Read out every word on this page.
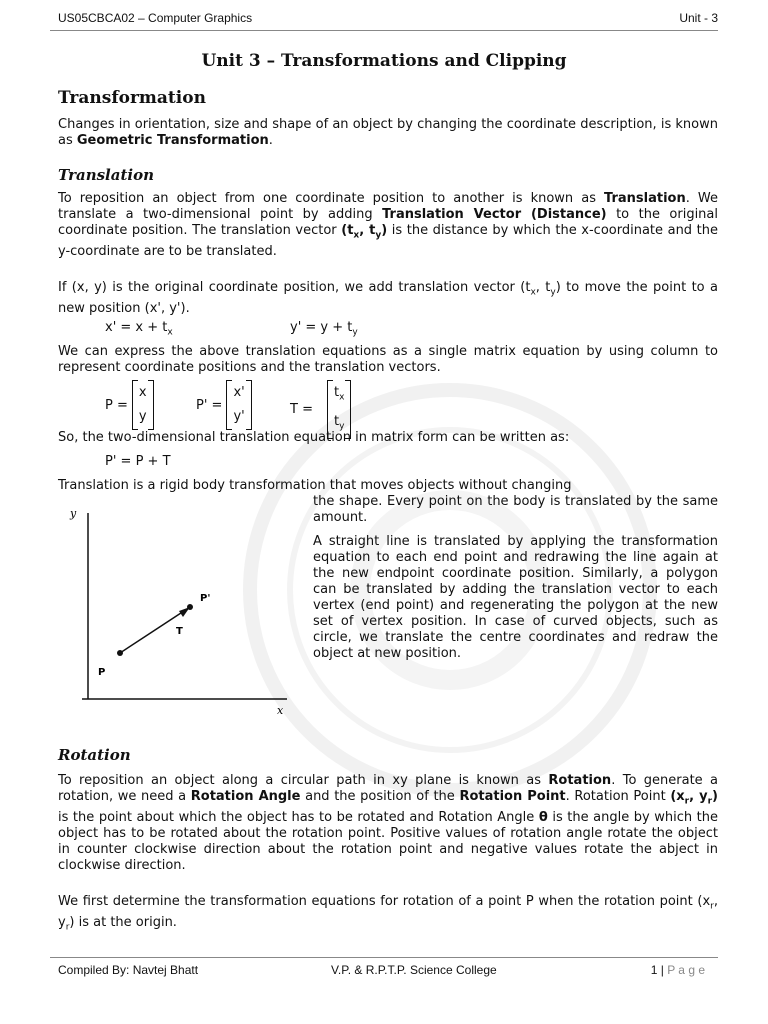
US05CBCA02 – Computer Graphics	Unit - 3
Unit 3 – Transformations and Clipping
Transformation
Changes in orientation, size and shape of an object by changing the coordinate description, is known as Geometric Transformation.
Translation
To reposition an object from one coordinate position to another is known as Translation. We translate a two-dimensional point by adding Translation Vector (Distance) to the original coordinate position. The translation vector ($t_x$, $t_y$) is the distance by which the x-coordinate and the y-coordinate are to be translated.
If (x, y) is the original coordinate position, we add translation vector ($t_x$, $t_y$) to move the point to a new position (x', y').
$x' = x + t_x$	$y' = y + t_y$
We can express the above translation equations as a single matrix equation by using column to represent coordinate positions and the translation vectors.
P =
x
y
P' =
x'
y'	T =
$t_x$
$t_y$
So, the two-dimensional translation equation in matrix form can be written as:
P' = P + T
Translation is a rigid body transformation that moves objects without changing
the shape. Every point on the body is translated by the same amount.
A straight line is translated by applying the transformation equation to each end point and redrawing the line again at the new endpoint coordinate position. Similarly, a polygon can be translated by adding the translation vector to each vertex (end point) and regenerating the polygon at the new set of vertex position. In case of curved objects, such as circle, we translate the centre coordinates and redraw the object at new position.
y
x
P
P'
T
Rotation
To reposition an object along a circular path in xy plane is known as Rotation. To generate a rotation, we need a Rotation Angle and the position of the Rotation Point. Rotation Point ($x_r$, $y_r$) is the point about which the object has to be rotated and Rotation Angle θ is the angle by which the object has to be rotated about the rotation point. Positive values of rotation angle rotate the object in counter clockwise direction about the rotation point and negative values rotate the abject in clockwise direction.
We first determine the transformation equations for rotation of a point P when the rotation point ($x_r$, $y_r$) is at the origin.
Compiled By: Navtej Bhatt	V.P. & R.P.T.P. Science College	1 | P a g e
